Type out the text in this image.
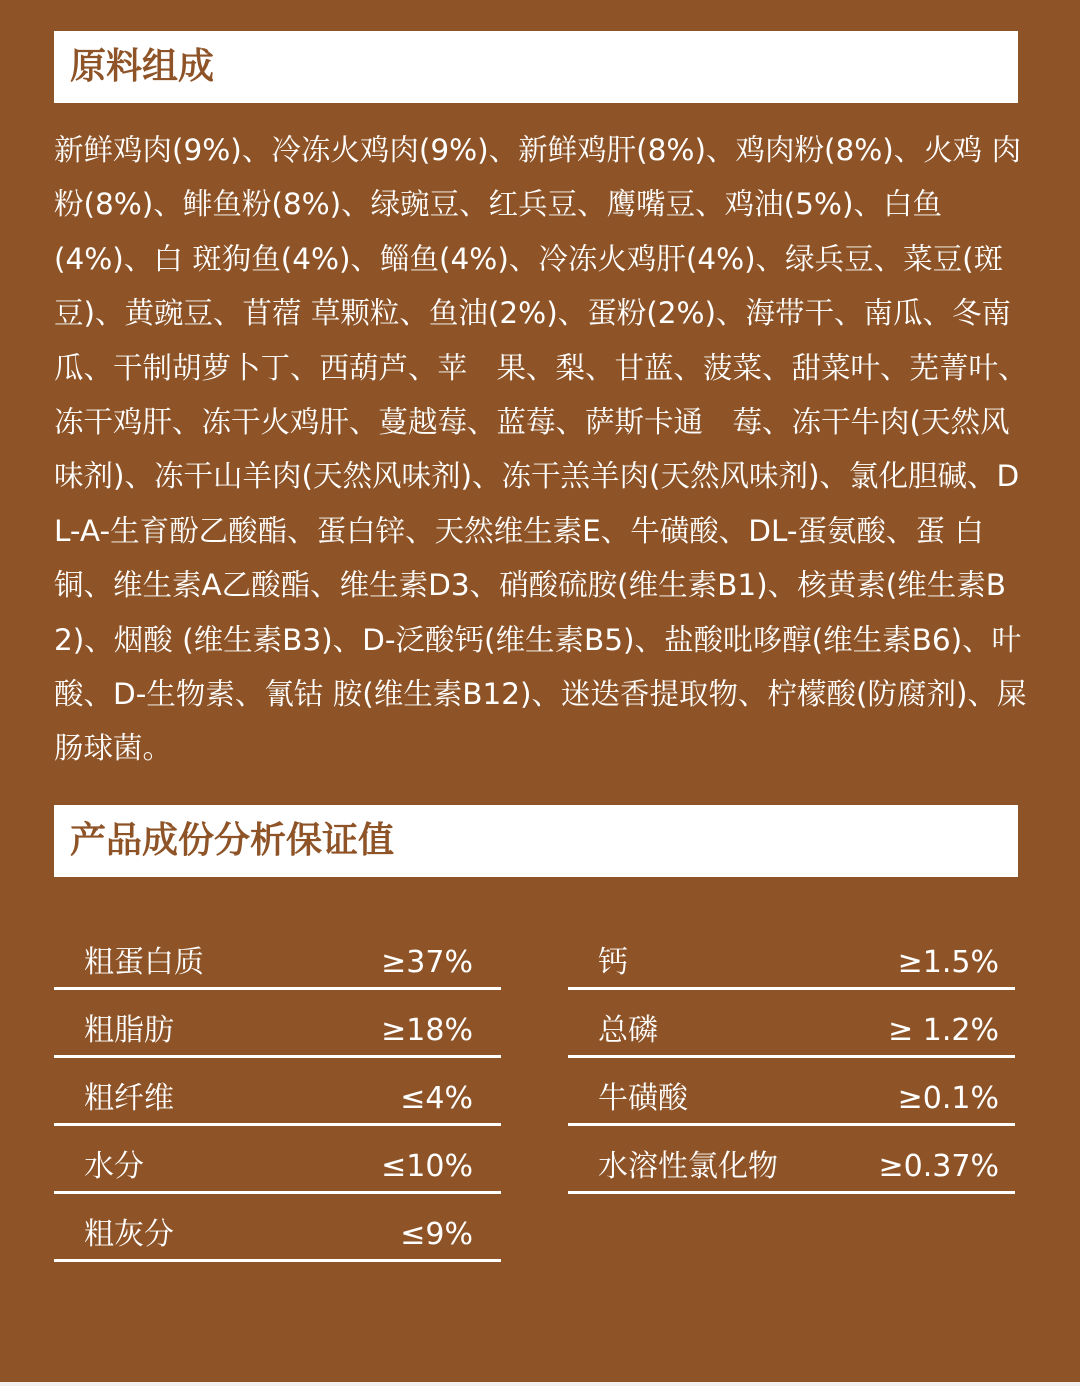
原料组成
新鲜鸡肉(9%)、冷冻火鸡肉(9%)、新鲜鸡肝(8%)、鸡肉粉(8%)、火鸡 肉粉(8%)、鲱鱼粉(8%)、绿豌豆、红兵豆、鹰嘴豆、鸡油(5%)、白鱼(4%)、白 斑狗鱼(4%)、鲻鱼(4%)、冷冻火鸡肝(4%)、绿兵豆、菜豆(斑豆)、黄豌豆、苜蓿 草颗粒、鱼油(2%)、蛋粉(2%)、海带干、南瓜、冬南瓜、干制胡萝卜丁、西葫芦、苹　果、梨、甘蓝、菠菜、甜菜叶、芜菁叶、冻干鸡肝、冻干火鸡肝、蔓越莓、蓝莓、萨斯卡通　莓、冻干牛肉(天然风味剂)、冻干山羊肉(天然风味剂)、冻干羔羊肉(天然风味剂)、氯化胆碱、DL-A-生育酚乙酸酯、蛋白锌、天然维生素E、牛磺酸、DL-蛋氨酸、蛋 白铜、维生素A乙酸酯、维生素D3、硝酸硫胺(维生素B1)、核黄素(维生素B2)、烟酸 (维生素B3)、D-泛酸钙(维生素B5)、盐酸吡哆醇(维生素B6)、叶酸、D-生物素、氰钴 胺(维生素B12)、迷迭香提取物、柠檬酸(防腐剂)、屎肠球菌。
产品成份分析保证值
粗蛋白质	≥37%
粗脂肪	≥18%
粗纤维	≤4%
水分	≤10%
粗灰分	≤9%
钙	≥1.5%
总磷	≥ 1.2%
牛磺酸	≥0.1%
水溶性氯化物	≥0.37%
